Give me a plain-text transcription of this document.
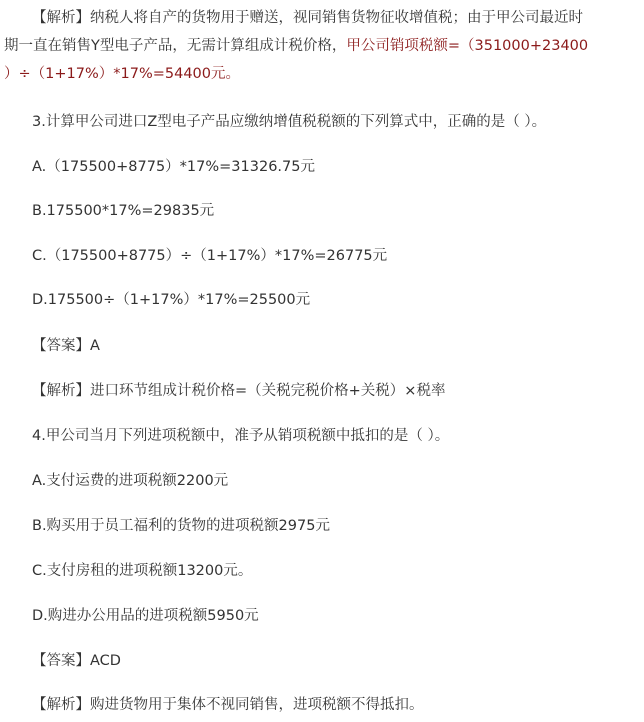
【解析】纳税人将自产的货物用于赠送，视同销售货物征收增值税；由于甲公司最近时
期一直在销售Y型电子产品，无需计算组成计税价格，甲公司销项税额=（351000+23400
）÷（1+17%）*17%=54400元。
3.计算甲公司进口Z型电子产品应缴纳增值税税额的下列算式中，正确的是（ ）。
A.（175500+8775）*17%=31326.75元
B.175500*17%=29835元
C.（175500+8775）÷（1+17%）*17%=26775元
D.175500÷（1+17%）*17%=25500元
【答案】A
【解析】进口环节组成计税价格=（关税完税价格+关税）×税率
4.甲公司当月下列进项税额中，准予从销项税额中抵扣的是（ ）。
A.支付运费的进项税额2200元
B.购买用于员工福利的货物的进项税额2975元
C.支付房租的进项税额13200元。
D.购进办公用品的进项税额5950元
【答案】ACD
【解析】购进货物用于集体不视同销售，进项税额不得抵扣。
